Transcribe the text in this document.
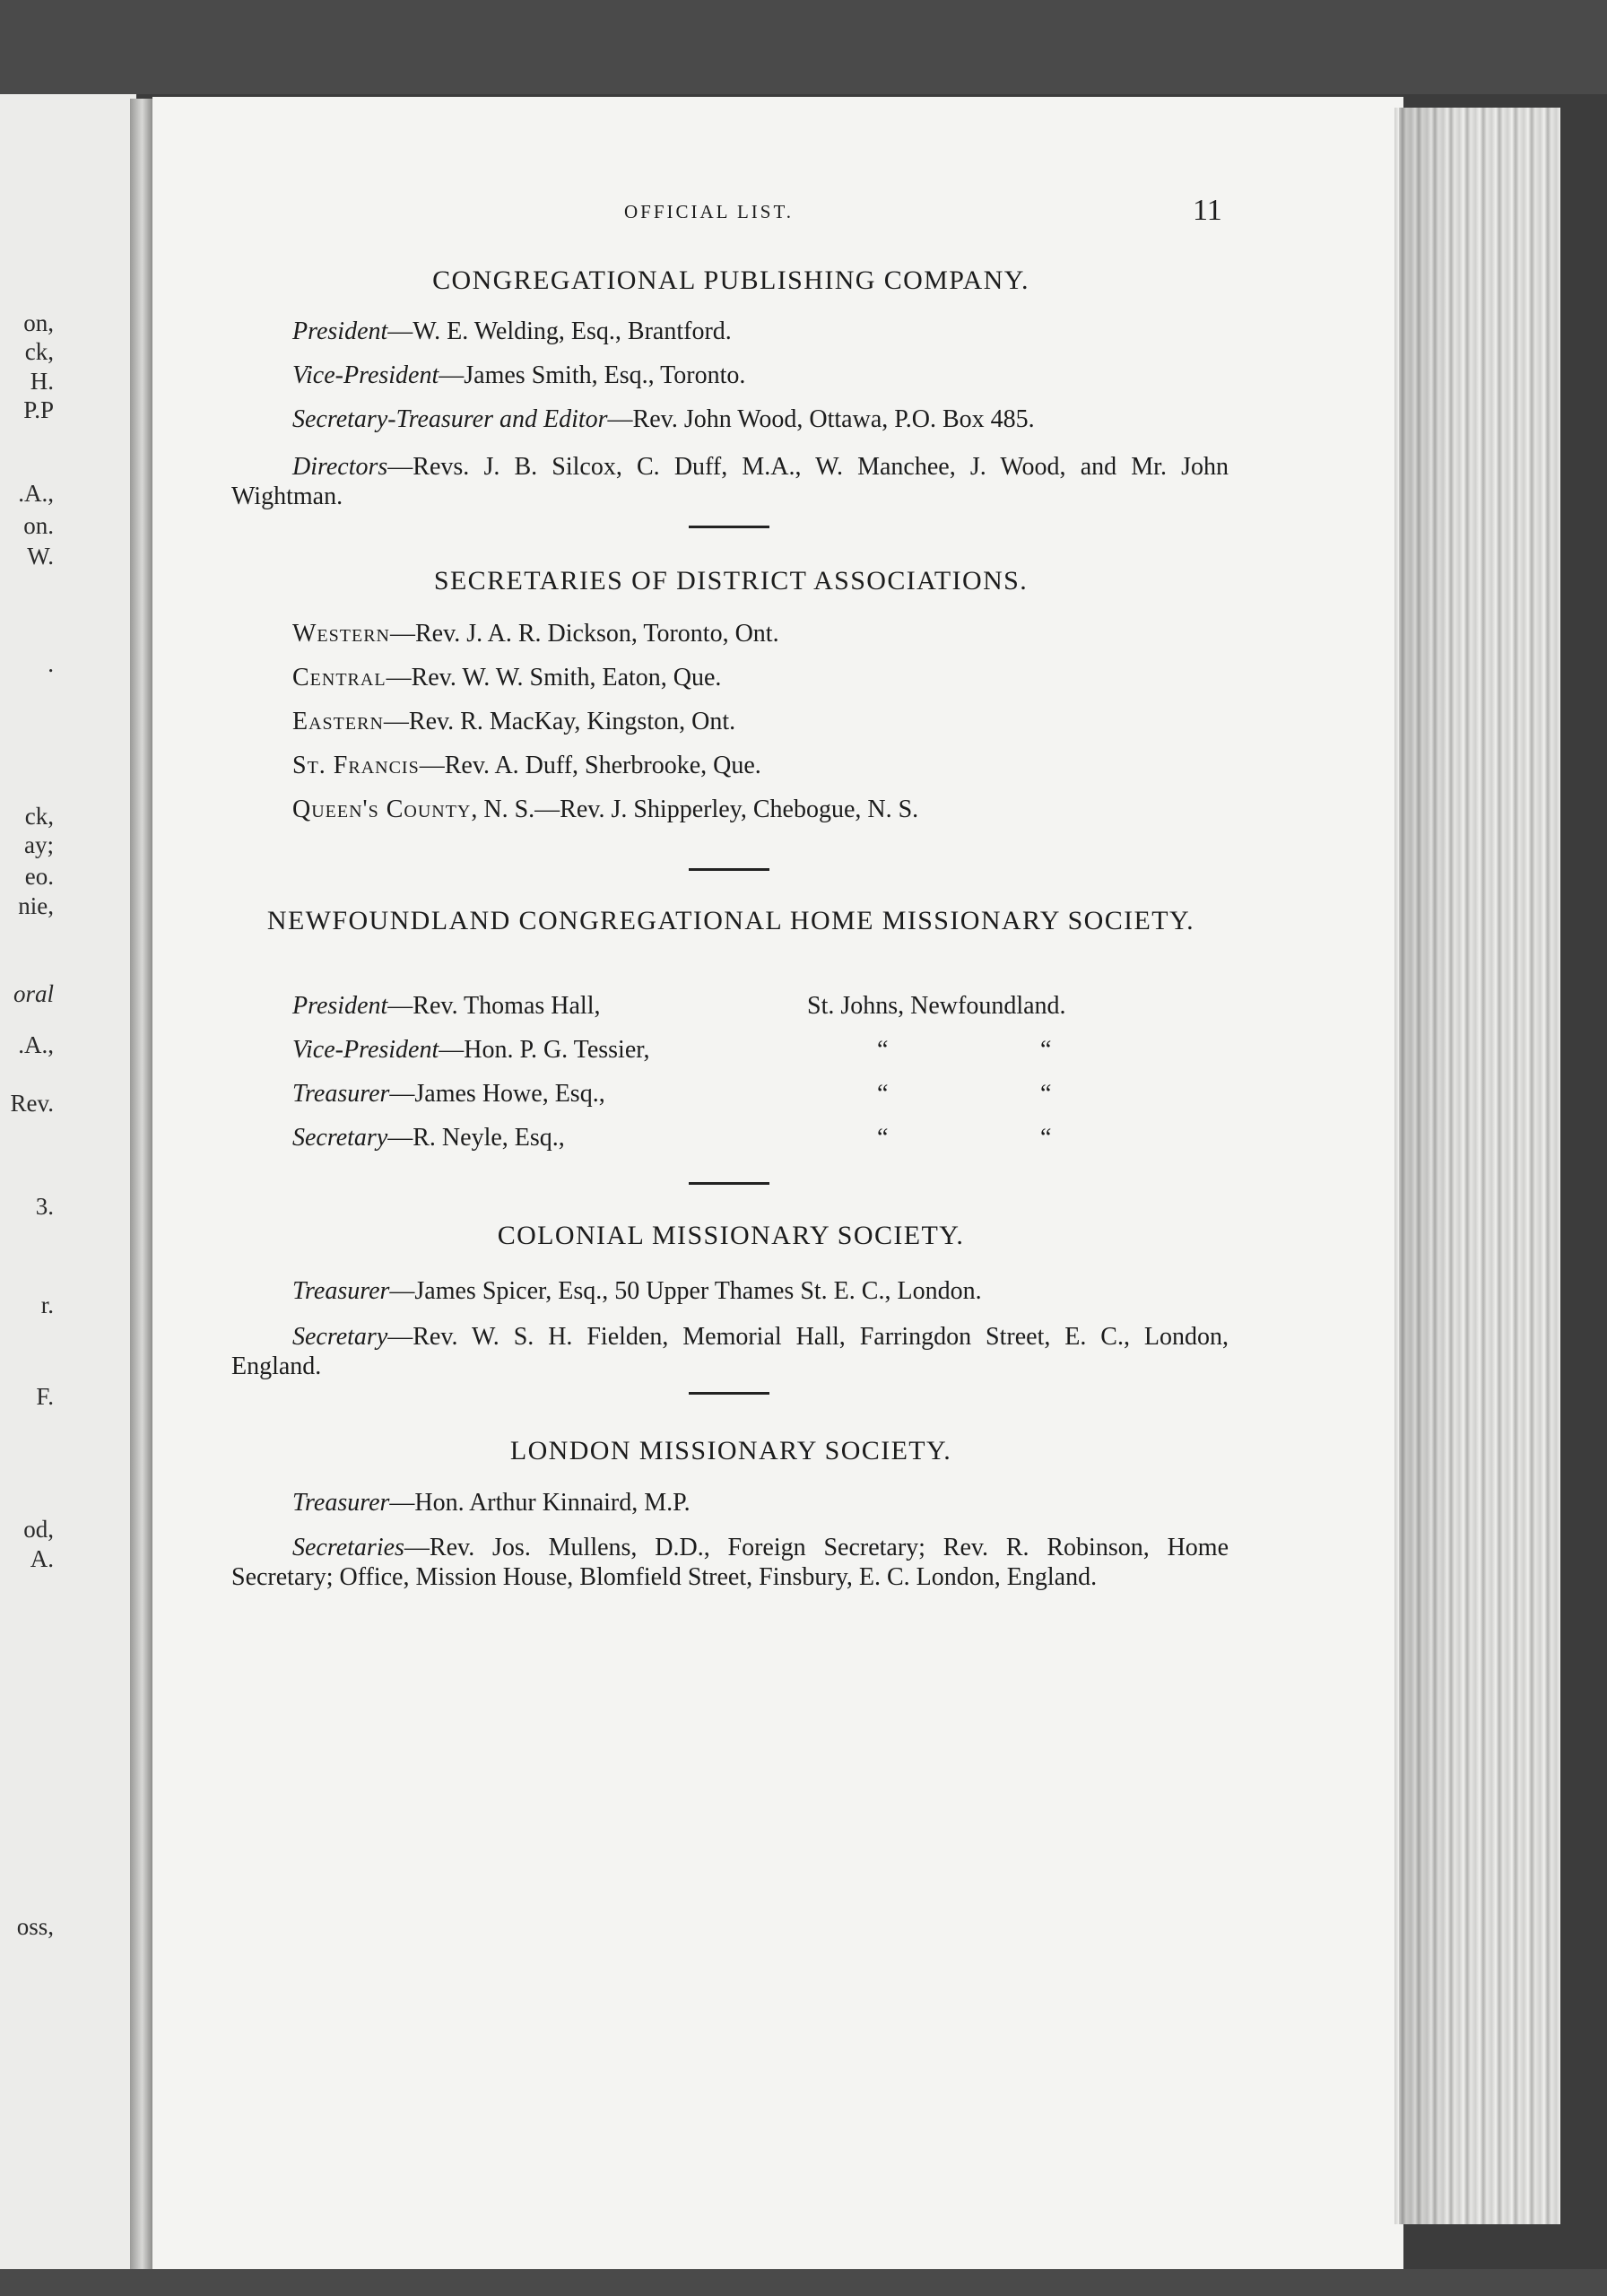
on,
ck,
H.
P.P
.A.,
on.
W.
.
ck,
ay;
eo.
nie,
oral
.A.,
Rev.
3.
r.
F.
od,
A.
oss,
OFFICIAL LIST.	11
CONGREGATIONAL PUBLISHING COMPANY.
President—W. E. Welding, Esq., Brantford.
Vice-President—James Smith, Esq., Toronto.
Secretary-Treasurer and Editor—Rev. John Wood, Ottawa, P.O. Box 485.
Directors—Revs. J. B. Silcox, C. Duff, M.A., W. Manchee, J. Wood, and Mr. John Wightman.
SECRETARIES OF DISTRICT ASSOCIATIONS.
Western—Rev. J. A. R. Dickson, Toronto, Ont.
Central—Rev. W. W. Smith, Eaton, Que.
Eastern—Rev. R. MacKay, Kingston, Ont.
St. Francis—Rev. A. Duff, Sherbrooke, Que.
Queen's County, N. S.—Rev. J. Shipperley, Chebogue, N. S.
NEWFOUNDLAND CONGREGATIONAL HOME MISSIONARY SOCIETY.
President—Rev. Thomas Hall,	St. Johns, Newfoundland.
Vice-President—Hon. P. G. Tessier,	“	“
Treasurer—James Howe, Esq.,	“	“
Secretary—R. Neyle, Esq.,	“	“
COLONIAL MISSIONARY SOCIETY.
Treasurer—James Spicer, Esq., 50 Upper Thames St. E. C., London.
Secretary—Rev. W. S. H. Fielden, Memorial Hall, Farringdon Street, E. C., London, England.
LONDON MISSIONARY SOCIETY.
Treasurer—Hon. Arthur Kinnaird, M.P.
Secretaries—Rev. Jos. Mullens, D.D., Foreign Secretary; Rev. R. Robinson, Home Secretary; Office, Mission House, Blomfield Street, Finsbury, E. C. London, England.
